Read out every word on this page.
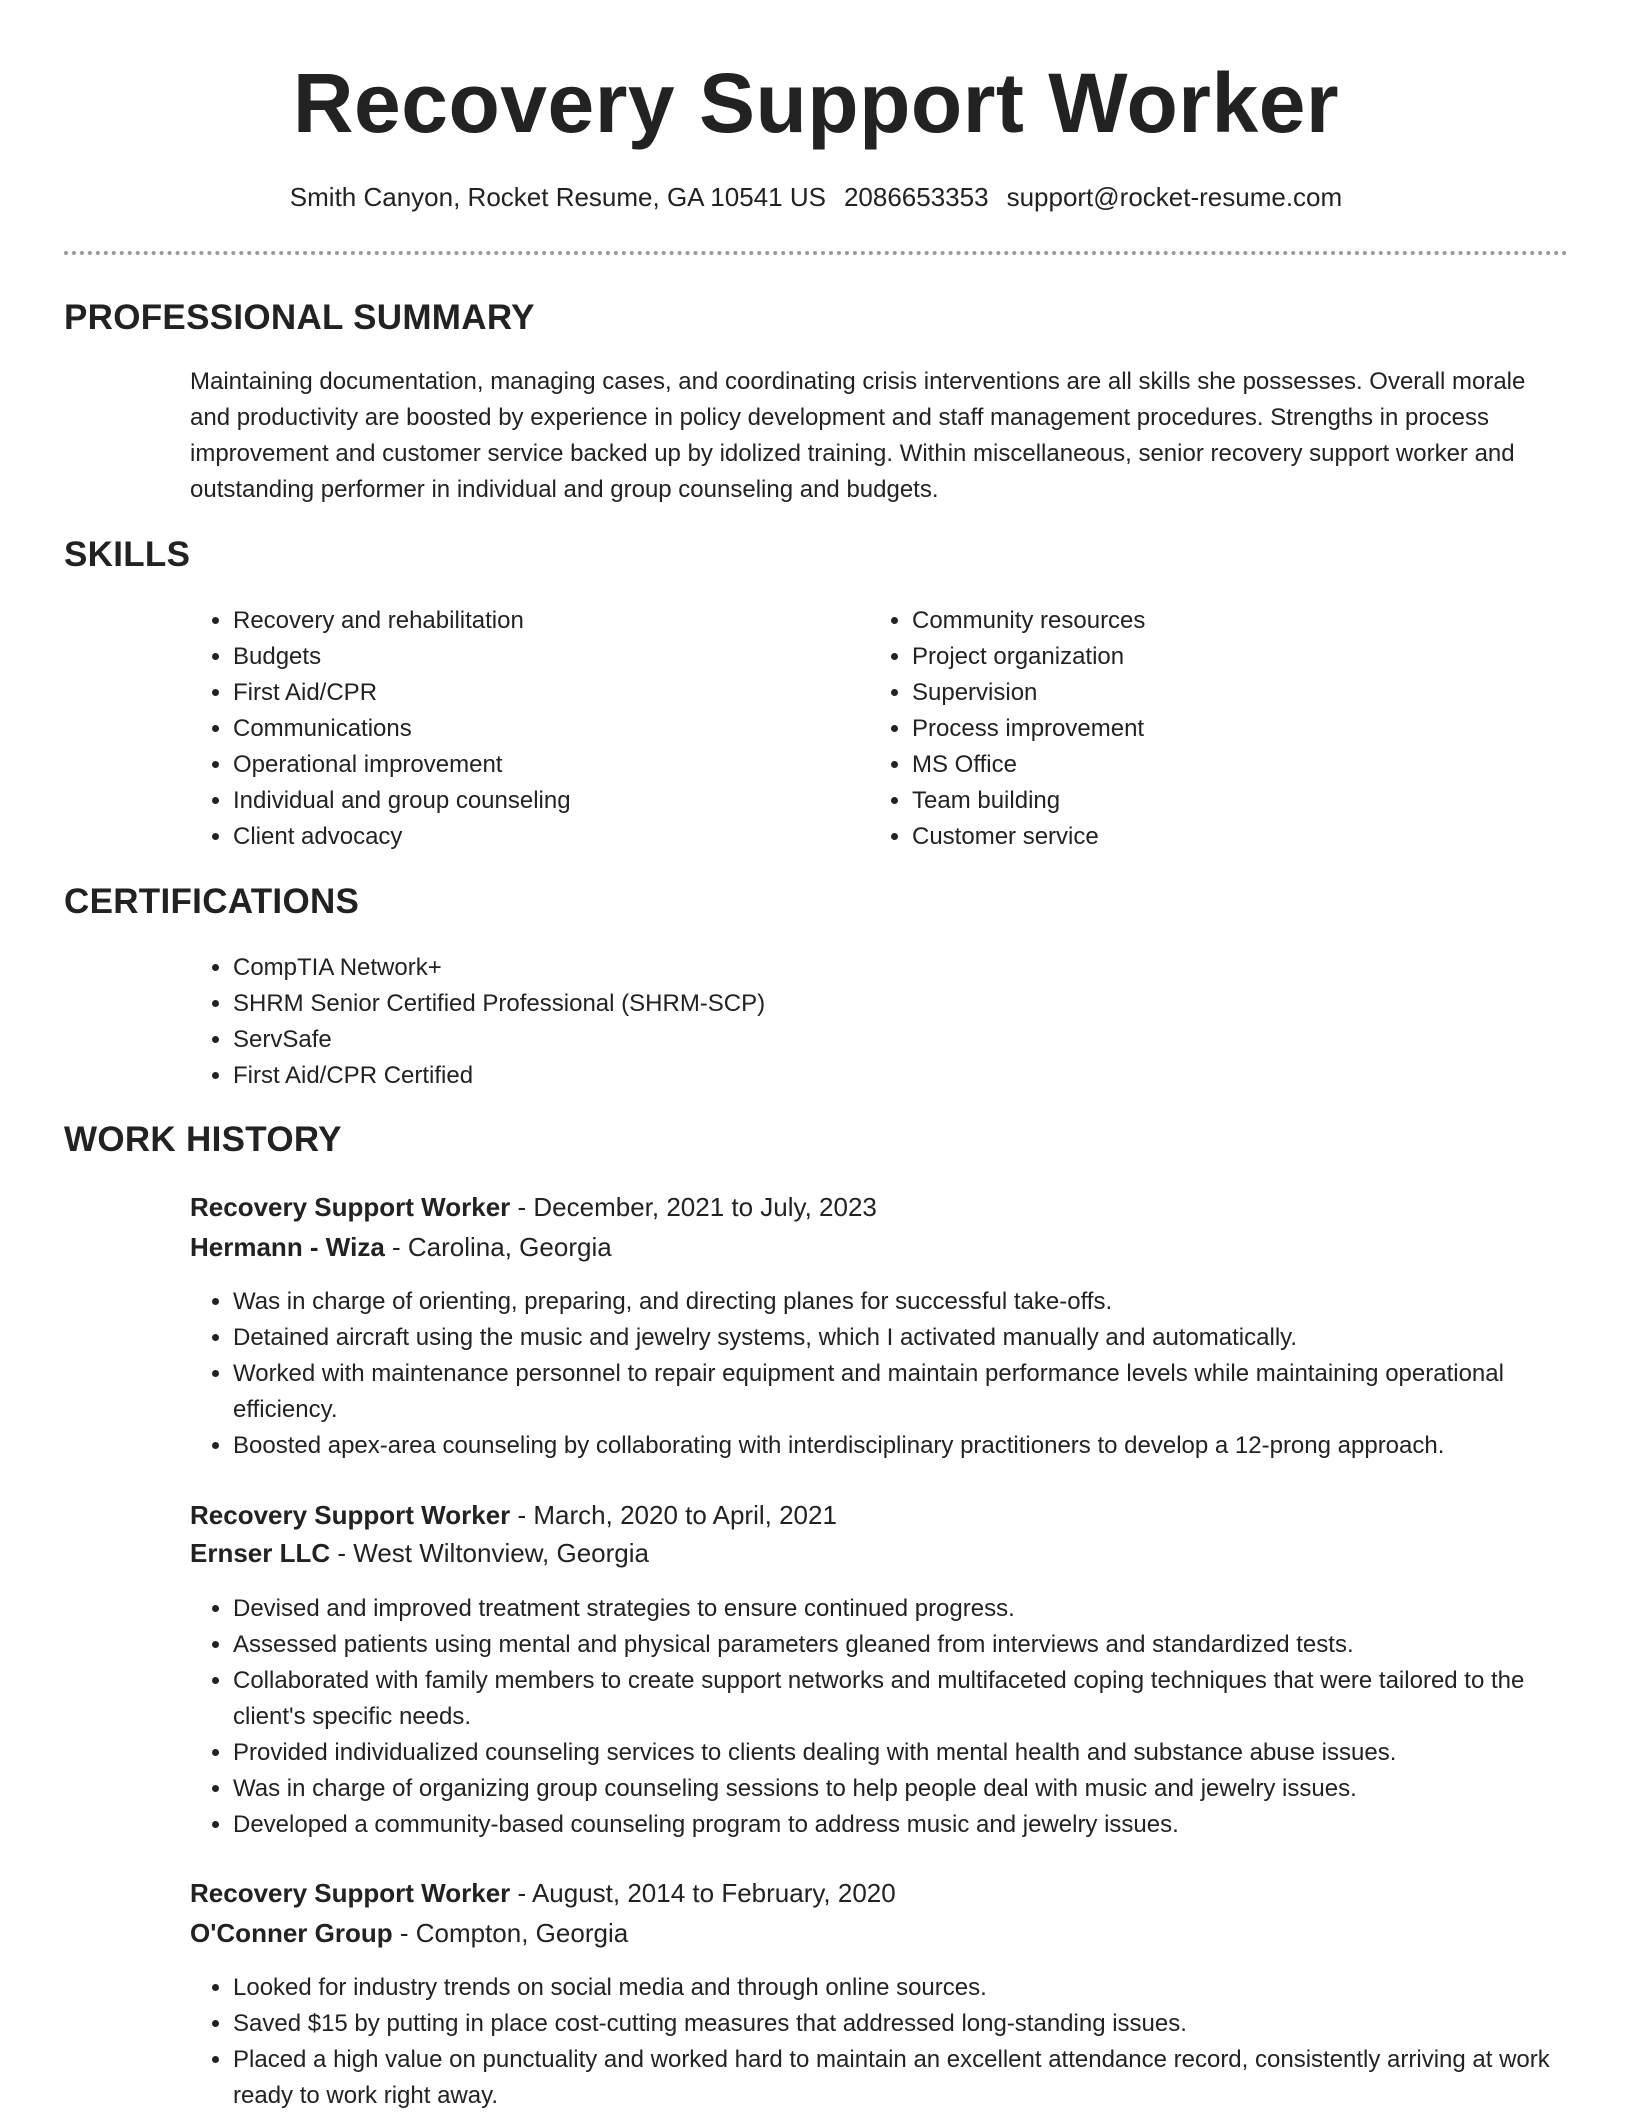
Recovery Support Worker
Smith Canyon, Rocket Resume, GA 10541 US 2086653353 support@rocket-resume.com
PROFESSIONAL SUMMARY

Maintaining documentation, managing cases, and coordinating crisis interventions are all skills she possesses. Overall morale and productivity are boosted by experience in policy development and staff management procedures. Strengths in process improvement and customer service backed up by idolized training. Within miscellaneous, senior recovery support worker and outstanding performer in individual and group counseling and budgets.

SKILLS
• Recovery and rehabilitation
• Budgets
• First Aid/CPR
• Communications
• Operational improvement
• Individual and group counseling
• Client advocacy
• Community resources
• Project organization
• Supervision
• Process improvement
• MS Office
• Team building
• Customer service
CERTIFICATIONS
• CompTIA Network+
• SHRM Senior Certified Professional (SHRM-SCP)
• ServSafe
• First Aid/CPR Certified
WORK HISTORY
Recovery Support Worker - December, 2021 to July, 2023
Hermann - Wiza - Carolina, Georgia
• Was in charge of orienting, preparing, and directing planes for successful take-offs.
• Detained aircraft using the music and jewelry systems, which I activated manually and automatically.
• Worked with maintenance personnel to repair equipment and maintain performance levels while maintaining operational efficiency.
• Boosted apex-area counseling by collaborating with interdisciplinary practitioners to develop a 12-prong approach.
Recovery Support Worker - March, 2020 to April, 2021
Ernser LLC - West Wiltonview, Georgia
• Devised and improved treatment strategies to ensure continued progress.
• Assessed patients using mental and physical parameters gleaned from interviews and standardized tests.
• Collaborated with family members to create support networks and multifaceted coping techniques that were tailored to the client's specific needs.
• Provided individualized counseling services to clients dealing with mental health and substance abuse issues.
• Was in charge of organizing group counseling sessions to help people deal with music and jewelry issues.
• Developed a community-based counseling program to address music and jewelry issues.
Recovery Support Worker - August, 2014 to February, 2020
O'Conner Group - Compton, Georgia
• Looked for industry trends on social media and through online sources.
• Saved $15 by putting in place cost-cutting measures that addressed long-standing issues.
• Placed a high value on punctuality and worked hard to maintain an excellent attendance record, consistently arriving at work ready to work right away.
